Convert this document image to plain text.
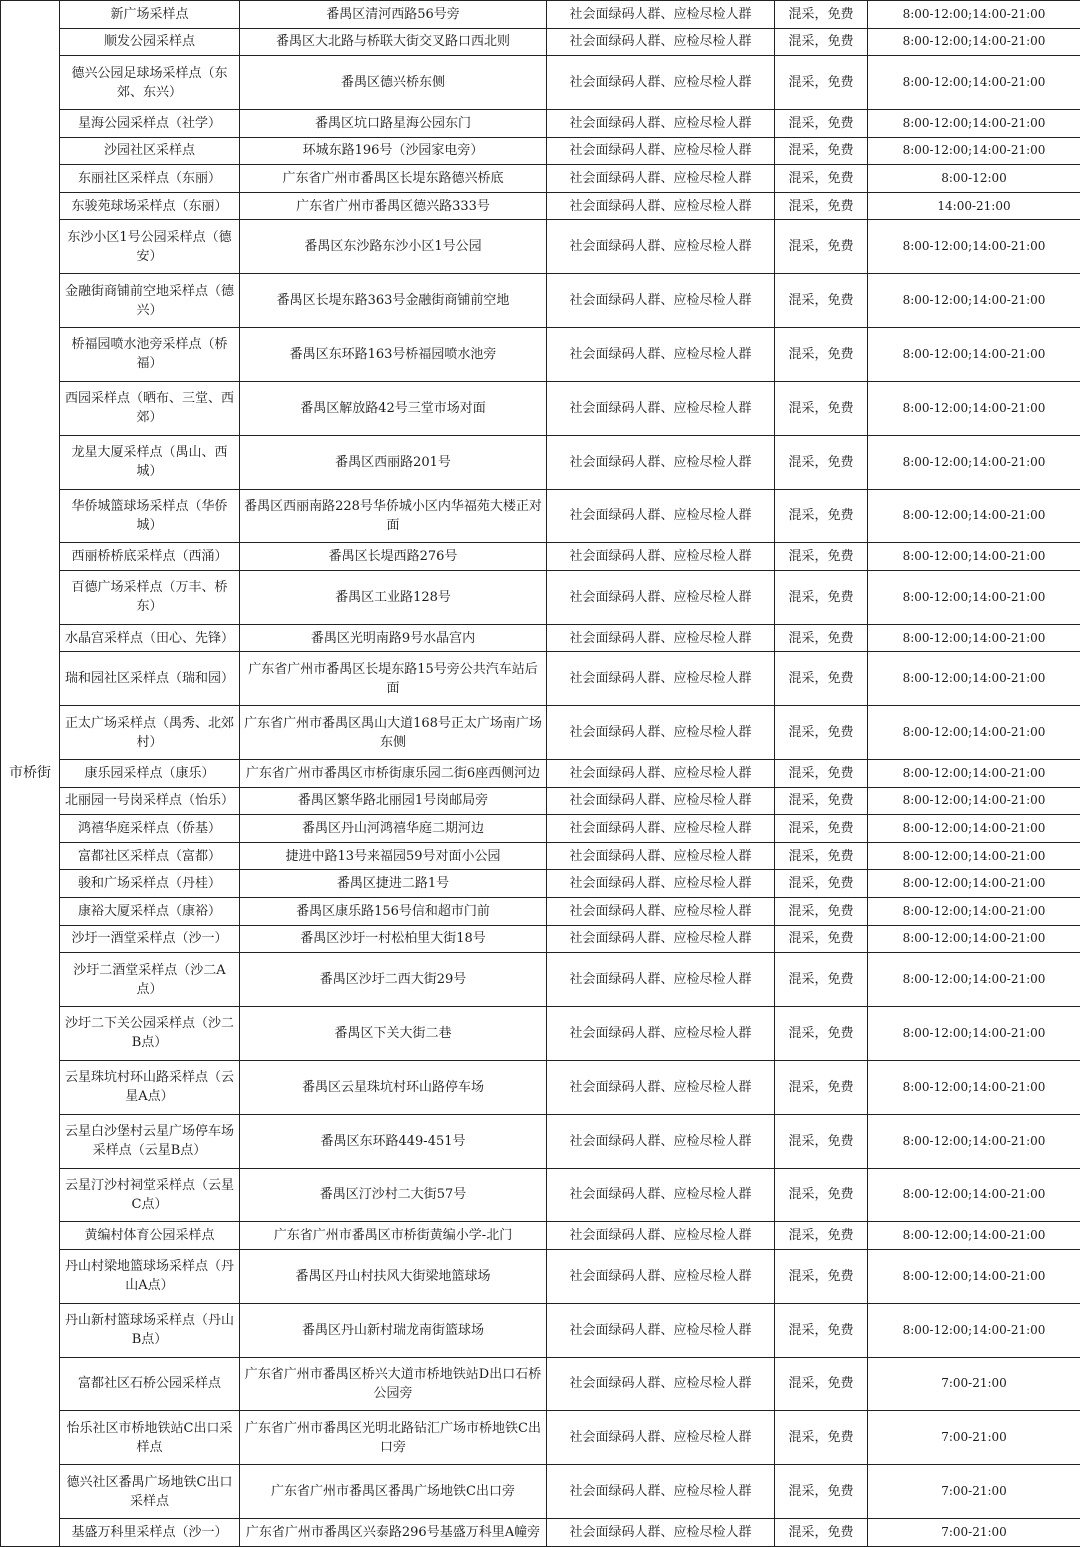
市桥街	新广场采样点	番禺区清河西路56号旁	社会面绿码人群、应检尽检人群	混采，免费	8:00-12:00;14:00-21:00
	顺发公园采样点	番禺区大北路与桥联大街交叉路口西北则	社会面绿码人群、应检尽检人群	混采，免费	8:00-12:00;14:00-21:00
	德兴公园足球场采样点（东郊、东兴）	番禺区德兴桥东侧	社会面绿码人群、应检尽检人群	混采，免费	8:00-12:00;14:00-21:00
	星海公园采样点（社学）	番禺区坑口路星海公园东门	社会面绿码人群、应检尽检人群	混采，免费	8:00-12:00;14:00-21:00
	沙园社区采样点	环城东路196号（沙园家电旁）	社会面绿码人群、应检尽检人群	混采，免费	8:00-12:00;14:00-21:00
	东丽社区采样点（东丽）	广东省广州市番禺区长堤东路德兴桥底	社会面绿码人群、应检尽检人群	混采，免费	8:00-12:00
	东骏苑球场采样点（东丽）	广东省广州市番禺区德兴路333号	社会面绿码人群、应检尽检人群	混采，免费	14:00-21:00
	东沙小区1号公园采样点（德安）	番禺区东沙路东沙小区1号公园	社会面绿码人群、应检尽检人群	混采，免费	8:00-12:00;14:00-21:00
	金融街商铺前空地采样点（德兴）	番禺区长堤东路363号金融街商铺前空地	社会面绿码人群、应检尽检人群	混采，免费	8:00-12:00;14:00-21:00
	桥福园喷水池旁采样点（桥福）	番禺区东环路163号桥福园喷水池旁	社会面绿码人群、应检尽检人群	混采，免费	8:00-12:00;14:00-21:00
	西园采样点（晒布、三堂、西郊）	番禺区解放路42号三堂市场对面	社会面绿码人群、应检尽检人群	混采，免费	8:00-12:00;14:00-21:00
	龙星大厦采样点（禺山、西城）	番禺区西丽路201号	社会面绿码人群、应检尽检人群	混采，免费	8:00-12:00;14:00-21:00
	华侨城篮球场采样点（华侨城）	番禺区西丽南路228号华侨城小区内华福苑大楼正对面	社会面绿码人群、应检尽检人群	混采，免费	8:00-12:00;14:00-21:00
	西丽桥桥底采样点（西涌）	番禺区长堤西路276号	社会面绿码人群、应检尽检人群	混采，免费	8:00-12:00;14:00-21:00
	百德广场采样点（万丰、桥东）	番禺区工业路128号	社会面绿码人群、应检尽检人群	混采，免费	8:00-12:00;14:00-21:00
	水晶宫采样点（田心、先锋）	番禺区光明南路9号水晶宫内	社会面绿码人群、应检尽检人群	混采，免费	8:00-12:00;14:00-21:00
	瑞和园社区采样点（瑞和园）	广东省广州市番禺区长堤东路15号旁公共汽车站后面	社会面绿码人群、应检尽检人群	混采，免费	8:00-12:00;14:00-21:00
	正太广场采样点（禺秀、北郊村）	广东省广州市番禺区禺山大道168号正太广场南广场东侧	社会面绿码人群、应检尽检人群	混采，免费	8:00-12:00;14:00-21:00
	康乐园采样点（康乐）	广东省广州市番禺区市桥街康乐园二街6座西侧河边	社会面绿码人群、应检尽检人群	混采，免费	8:00-12:00;14:00-21:00
	北丽园一号岗采样点（怡乐）	番禺区繁华路北丽园1号岗邮局旁	社会面绿码人群、应检尽检人群	混采，免费	8:00-12:00;14:00-21:00
	鸿禧华庭采样点（侨基）	番禺区丹山河鸿禧华庭二期河边	社会面绿码人群、应检尽检人群	混采，免费	8:00-12:00;14:00-21:00
	富都社区采样点（富都）	捷进中路13号来福园59号对面小公园	社会面绿码人群、应检尽检人群	混采，免费	8:00-12:00;14:00-21:00
	骏和广场采样点（丹桂）	番禺区捷进二路1号	社会面绿码人群、应检尽检人群	混采，免费	8:00-12:00;14:00-21:00
	康裕大厦采样点（康裕）	番禺区康乐路156号信和超市门前	社会面绿码人群、应检尽检人群	混采，免费	8:00-12:00;14:00-21:00
	沙圩一酒堂采样点（沙一）	番禺区沙圩一村松柏里大街18号	社会面绿码人群、应检尽检人群	混采，免费	8:00-12:00;14:00-21:00
	沙圩二酒堂采样点（沙二A点）	番禺区沙圩二西大街29号	社会面绿码人群、应检尽检人群	混采，免费	8:00-12:00;14:00-21:00
	沙圩二下关公园采样点（沙二B点）	番禺区下关大街二巷	社会面绿码人群、应检尽检人群	混采，免费	8:00-12:00;14:00-21:00
	云星珠坑村环山路采样点（云星A点）	番禺区云星珠坑村环山路停车场	社会面绿码人群、应检尽检人群	混采，免费	8:00-12:00;14:00-21:00
	云星白沙堡村云星广场停车场采样点（云星B点）	番禺区东环路449-451号	社会面绿码人群、应检尽检人群	混采，免费	8:00-12:00;14:00-21:00
	云星汀沙村祠堂采样点（云星C点）	番禺区汀沙村二大街57号	社会面绿码人群、应检尽检人群	混采，免费	8:00-12:00;14:00-21:00
	黄编村体育公园采样点	广东省广州市番禺区市桥街黄编小学-北门	社会面绿码人群、应检尽检人群	混采，免费	8:00-12:00;14:00-21:00
	丹山村梁地篮球场采样点（丹山A点）	番禺区丹山村扶风大街梁地篮球场	社会面绿码人群、应检尽检人群	混采，免费	8:00-12:00;14:00-21:00
	丹山新村篮球场采样点（丹山B点）	番禺区丹山新村瑞龙南街篮球场	社会面绿码人群、应检尽检人群	混采，免费	8:00-12:00;14:00-21:00
	富都社区石桥公园采样点	广东省广州市番禺区桥兴大道市桥地铁站D出口石桥公园旁	社会面绿码人群、应检尽检人群	混采，免费	7:00-21:00
	怡乐社区市桥地铁站C出口采样点	广东省广州市番禺区光明北路钻汇广场市桥地铁C出口旁	社会面绿码人群、应检尽检人群	混采，免费	7:00-21:00
	德兴社区番禺广场地铁C出口采样点	广东省广州市番禺区番禺广场地铁C出口旁	社会面绿码人群、应检尽检人群	混采，免费	7:00-21:00
	基盛万科里采样点（沙一）	广东省广州市番禺区兴泰路296号基盛万科里A幢旁	社会面绿码人群、应检尽检人群	混采，免费	7:00-21:00
